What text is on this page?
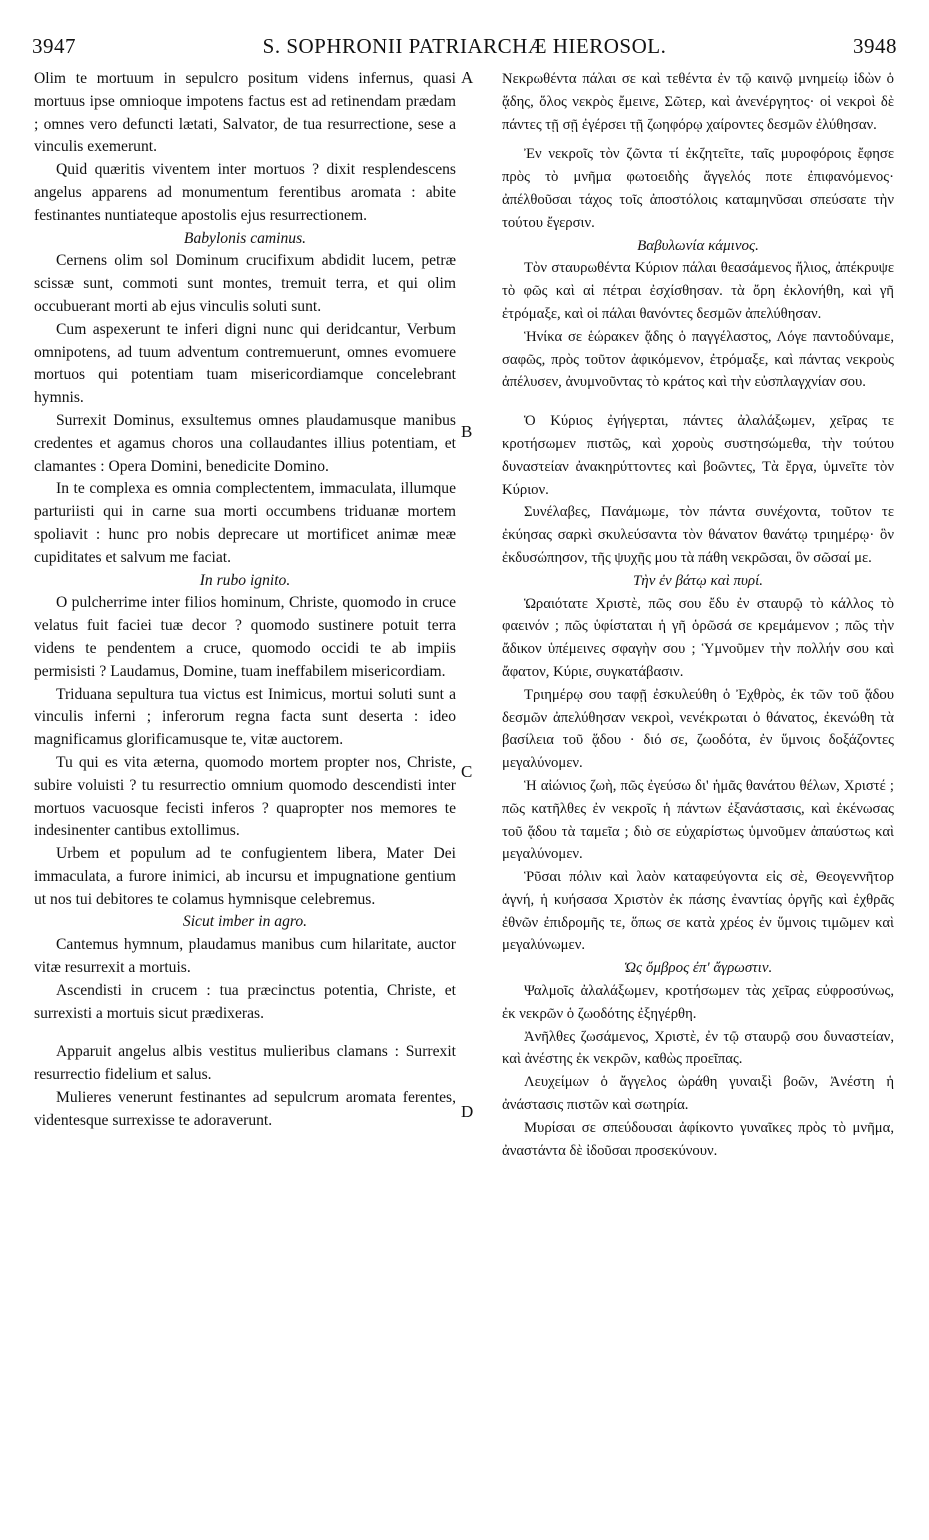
3947	S. SOPHRONII PATRIARCHÆ HIEROSOL.	3948
A
B
C
D

Olim te mortuum in sepulcro positum videns infernus, quasi mortuus ipse omnioque impotens factus est ad retinendam prædam ; omnes vero defuncti lætati, Salvator, de tua resurrectione, sese a vinculis exemerunt.

Quid quæritis viventem inter mortuos ? dixit resplendescens angelus apparens ad monumentum ferentibus aromata : abite festinantes nuntiateque apostolis ejus resurrectionem.

Babylonis caminus.

Cernens olim sol Dominum crucifixum abdidit lucem, petræ scissæ sunt, commoti sunt montes, tremuit terra, et qui olim occubuerant morti ab ejus vinculis soluti sunt.

Cum aspexerunt te inferi digni nunc qui deridcantur, Verbum omnipotens, ad tuum adventum contremuerunt, omnes evomuere mortuos qui potentiam tuam misericordiamque concelebrant hymnis.

Surrexit Dominus, exsultemus omnes plaudamusque manibus credentes et agamus choros una collaudantes illius potentiam, et clamantes : Opera Domini, benedicite Domino.

In te complexa es omnia complectentem, immaculata, illumque parturiisti qui in carne sua morti occumbens triduanæ mortem spoliavit : hunc pro nobis deprecare ut mortificet animæ meæ cupiditates et salvum me faciat.

In rubo ignito.

O pulcherrime inter filios hominum, Christe, quomodo in cruce velatus fuit faciei tuæ decor ? quomodo sustinere potuit terra videns te pendentem a cruce, quomodo occidi te ab impiis permisisti ? Laudamus, Domine, tuam ineffabilem misericordiam.

Triduana sepultura tua victus est Inimicus, mortui soluti sunt a vinculis inferni ; inferorum regna facta sunt deserta : ideo magnificamus glorificamusque te, vitæ auctorem.

Tu qui es vita æterna, quomodo mortem propter nos, Christe, subire voluisti ? tu resurrectio omnium quomodo descendisti inter mortuos vacuosque fecisti inferos ? quapropter nos memores te indesinenter cantibus extollimus.

Urbem et populum ad te confugientem libera, Mater Dei immaculata, a furore inimici, ab incursu et impugnatione gentium ut nos tui debitores te colamus hymnisque celebremus.

Sicut imber in agro.

Cantemus hymnum, plaudamus manibus cum hilaritate, auctor vitæ resurrexit a mortuis.

Ascendisti in crucem : tua præcinctus potentia, Christe, et surrexisti a mortuis sicut prædixeras.

Apparuit angelus albis vestitus mulieribus clamans : Surrexit resurrectio fidelium et salus.

Mulieres venerunt festinantes ad sepulcrum aromata ferentes, videntesque surrexisse te adoraverunt.

Νεκρωθέντα πάλαι σε καὶ τεθέντα ἐν τῷ καινῷ μνημείῳ ἰδὼν ὁ ᾅδης, ὅλος νεκρὸς ἔμεινε, Σῶτερ, καὶ ἀνενέργητος· οἱ νεκροὶ δὲ πάντες τῇ σῇ ἐγέρσει τῇ ζωηφόρῳ χαίροντες δεσμῶν ἐλύθησαν.

Ἐν νεκροῖς τὸν ζῶντα τί ἐκζητεῖτε, ταῖς μυροφόροις ἔφησε πρὸς τὸ μνῆμα φωτοειδὴς ἄγγελός ποτε ἐπιφανόμενος· ἀπέλθοῦσαι τάχος τοῖς ἀποστόλοις καταμηνῦσαι σπεύσατε τὴν τούτου ἔγερσιν.

Βαβυλωνία κάμινος.

Τὸν σταυρωθέντα Κύριον πάλαι θεασάμενος ἥλιος, ἀπέκρυψε τὸ φῶς καὶ αἱ πέτραι ἐσχίσθησαν. τὰ ὄρη ἐκλονήθη, καὶ γῆ ἐτρόμαξε, καὶ οἱ πάλαι θανόντες δεσμῶν ἀπελύθησαν.

Ἡνίκα σε ἑώρακεν ᾅδης ὁ παγγέλαστος, Λόγε παντοδύναμε, σαφῶς, πρὸς τοῦτον ἀφικόμενον, ἐτρόμαξε, καὶ πάντας νεκροὺς ἀπέλυσεν, ἀνυμνοῦντας τὸ κράτος καὶ τὴν εὐσπλαγχνίαν σου.

Ὁ Κύριος ἐγήγερται, πάντες ἀλαλάξωμεν, χεῖρας τε κροτήσωμεν πιστῶς, καὶ χοροὺς συστησώμεθα, τὴν τούτου δυναστείαν ἀνακηρύττοντες καὶ βοῶντες, Τὰ ἔργα, ὑμνεῖτε τὸν Κύριον.

Συνέλαβες, Πανάμωμε, τὸν πάντα συνέχοντα, τοῦτον τε ἐκύησας σαρκὶ σκυλεύσαντα τὸν θάνατον θανάτῳ τριημέρῳ· ὃν ἐκδυσώπησον, τῆς ψυχῆς μου τὰ πάθη νεκρῶσαι, ὃν σῶσαί με.

Τὴν ἐν βάτῳ καὶ πυρί.

Ὡραιότατε Χριστὲ, πῶς σου ἔδυ ἐν σταυρῷ τὸ κάλλος τὸ φαεινόν ; πῶς ὑφίσταται ἡ γῆ ὁρῶσά σε κρεμάμενον ; πῶς τὴν ἄδικον ὑπέμεινες σφαγὴν σου ; Ὑμνοῦμεν τὴν πολλήν σου καὶ ἄφατον, Κύριε, συγκατάβασιν.

Τριημέρῳ σου ταφῇ ἐσκυλεύθη ὁ Ἐχθρὸς, ἐκ τῶν τοῦ ᾅδου δεσμῶν ἀπελύθησαν νεκροὶ, νενέκρωται ὁ θάνατος, ἐκενώθη τὰ βασίλεια τοῦ ᾅδου · διό σε, ζωοδότα, ἐν ὕμνοις δοξάζοντες μεγαλύνομεν.

Ἡ αἰώνιος ζωὴ, πῶς ἐγεύσω δι' ἡμᾶς θανάτου θέλων, Χριστέ ; πῶς κατῆλθες ἐν νεκροῖς ἡ πάντων ἐξανάστασις, καὶ ἐκένωσας τοῦ ᾅδου τὰ ταμεῖα ; διὸ σε εὐχαρίστως ὑμνοῦμεν ἀπαύστως καὶ μεγαλύνομεν.

Ῥῦσαι πόλιν καὶ λαὸν καταφεύγοντα εἰς σὲ, Θεογεννῆτορ ἁγνή, ἡ κυήσασα Χριστὸν ἐκ πάσης ἐναντίας ὀργῆς καὶ ἐχθρᾶς ἐθνῶν ἐπιδρομῆς τε, ὅπως σε κατὰ χρέος ἐν ὕμνοις τιμῶμεν καὶ μεγαλύνωμεν.

Ὡς ὄμβρος ἐπ' ἄγρωστιν.

Ψαλμοῖς ἀλαλάξωμεν, κροτήσωμεν τὰς χεῖρας εὐφροσύνως, ἐκ νεκρῶν ὁ ζωοδότης ἐξηγέρθη.

Ἀνῆλθες ζωσάμενος, Χριστὲ, ἐν τῷ σταυρῷ σου δυναστείαν, καὶ ἀνέστης ἐκ νεκρῶν, καθὼς προεῖπας.

Λευχείμων ὁ ἄγγελος ὠράθη γυναιξὶ βοῶν, Ἀνέστη ἡ ἀνάστασις πιστῶν καὶ σωτηρία.

Μυρίσαι σε σπεύδουσαι ἀφίκοντο γυναῖκες πρὸς τὸ μνῆμα, ἀναστάντα δὲ ἰδοῦσαι προσεκύνουν.
